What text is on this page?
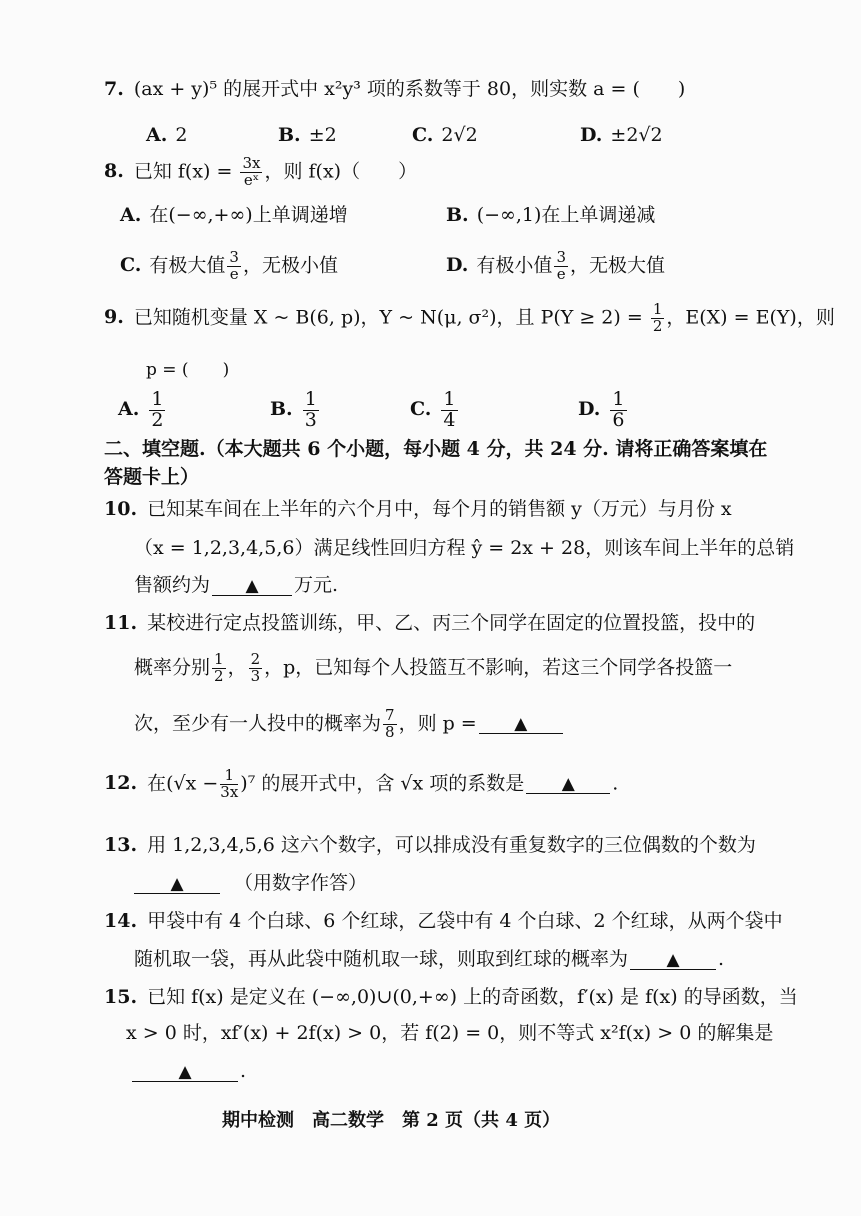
7. (ax + y)⁵ 的展开式中 x²y³ 项的系数等于 80，则实数 a = (　　)
A. 2	B. ±2	C. 2√2	D. ±2√2
8. 已知 $f(x) = \frac{3x}{\text{eˣ}}$ ，则 f(x)（　　）
A. 在(−∞,+∞)上单调递增	B. (−∞,1)在上单调递减
C. 有极大值 $\frac{3}{e}$ ，无极小值	D. 有极小值 $\frac{3}{e}$ ，无极大值
9. 已知随机变量 X ~ B(6, p)，Y ~ N(μ, σ²)，且 $P(Y \ge 2) = \frac{1}{2}$ ，E(X) = E(Y)，则
p = (　　)
A. $\frac{1}{2}$	B. $\frac{1}{3}$	C. $\frac{1}{4}$	D. $\frac{1}{6}$
二、填空题.（本大题共 6 个小题，每小题 4 分，共 24 分. 请将正确答案填在
答题卡上）
10. 已知某车间在上半年的六个月中，每个月的销售额 y（万元）与月份 x
（x = 1,2,3,4,5,6）满足线性回归方程 ŷ = 2x + 28，则该车间上半年的总销
售额约为 ▲ 万元.
11. 某校进行定点投篮训练，甲、乙、丙三个同学在固定的位置投篮，投中的
概率分别 $\frac{1}{2}$ ， $\frac{2}{3}$ ，p，已知每个人投篮互不影响，若这三个同学各投篮一
次，至少有一人投中的概率为 $\frac{7}{8}$ ，则 p = ▲
12. 在$(√x - \frac{1}{3x} )^7$ 的展开式中，含 √x 项的系数是 ▲ .
13. 用 1,2,3,4,5,6 这六个数字，可以排成没有重复数字的三位偶数的个数为
▲	（用数字作答）
14. 甲袋中有 4 个白球、6 个红球，乙袋中有 4 个白球、2 个红球，从两个袋中
随机取一袋，再从此袋中随机取一球，则取到红球的概率为 ▲ .
15. 已知 f(x) 是定义在 (−∞,0)∪(0,+∞) 上的奇函数，f′(x) 是 f(x) 的导函数，当
x > 0 时，xf′(x) + 2f(x) > 0，若 f(2) = 0，则不等式 x²f(x) > 0 的解集是
▲	.
期中检测　高二数学　第 2 页（共 4 页）
